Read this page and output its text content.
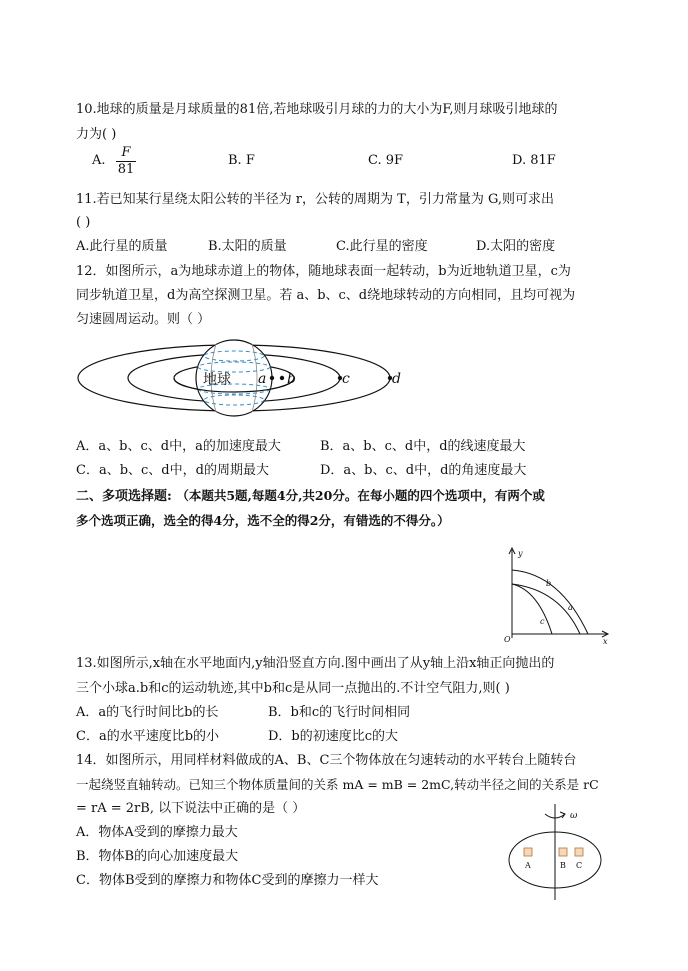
10.地球的质量是月球质量的81倍,若地球吸引月球的力的大小为F,则月球吸引地球的
力为( )
A.
F
81
B. F	C. 9F	D. 81F
11.若已知某行星绕太阳公转的半径为 r，公转的周期为 T，引力常量为 G,则可求出
( )
A.此行星的质量	B.太阳的质量	C.此行星的密度	D.太阳的密度
12．如图所示，a为地球赤道上的物体，随地球表面一起转动，b为近地轨道卫星，c为
同步轨道卫星，d为高空探测卫星。若 a、b、c、d绕地球转动的方向相同，且均可视为
匀速圆周运动。则（ ）
地球 a b	c	d
A．a、b、c、d中，a的加速度最大	B．a、b、c、d中，d的线速度最大
C．a、b、c、d中，d的周期最大	D．a、b、c、d中，d的角速度最大
二、多项选择题: （本题共5题,每题4分,共20分。在每小题的四个选项中，有两个或
多个选项正确，选全的得4分，选不全的得2分，有错选的不得分。）
y
x
O
a
b
c
13.如图所示,x轴在水平地面内,y轴沿竖直方向.图中画出了从y轴上沿x轴正向抛出的
三个小球a.b和c的运动轨迹,其中b和c是从同一点抛出的.不计空气阻力,则( )
A．a的飞行时间比b的长	B．b和c的飞行时间相同
C．a的水平速度比b的小	D．b的初速度比c的大
14．如图所示，用同样材料做成的A、B、C三个物体放在匀速转动的水平转台上随转台
一起绕竖直轴转动。已知三个物体质量间的关系 mA = mB = 2mC,转动半径之间的关系是 rC
= rA = 2rB, 以下说法中正确的是（ ）
A．物体A受到的摩擦力最大
B．物体B的向心加速度最大
C．物体B受到的摩擦力和物体C受到的摩擦力一样大
ω
A	B C
